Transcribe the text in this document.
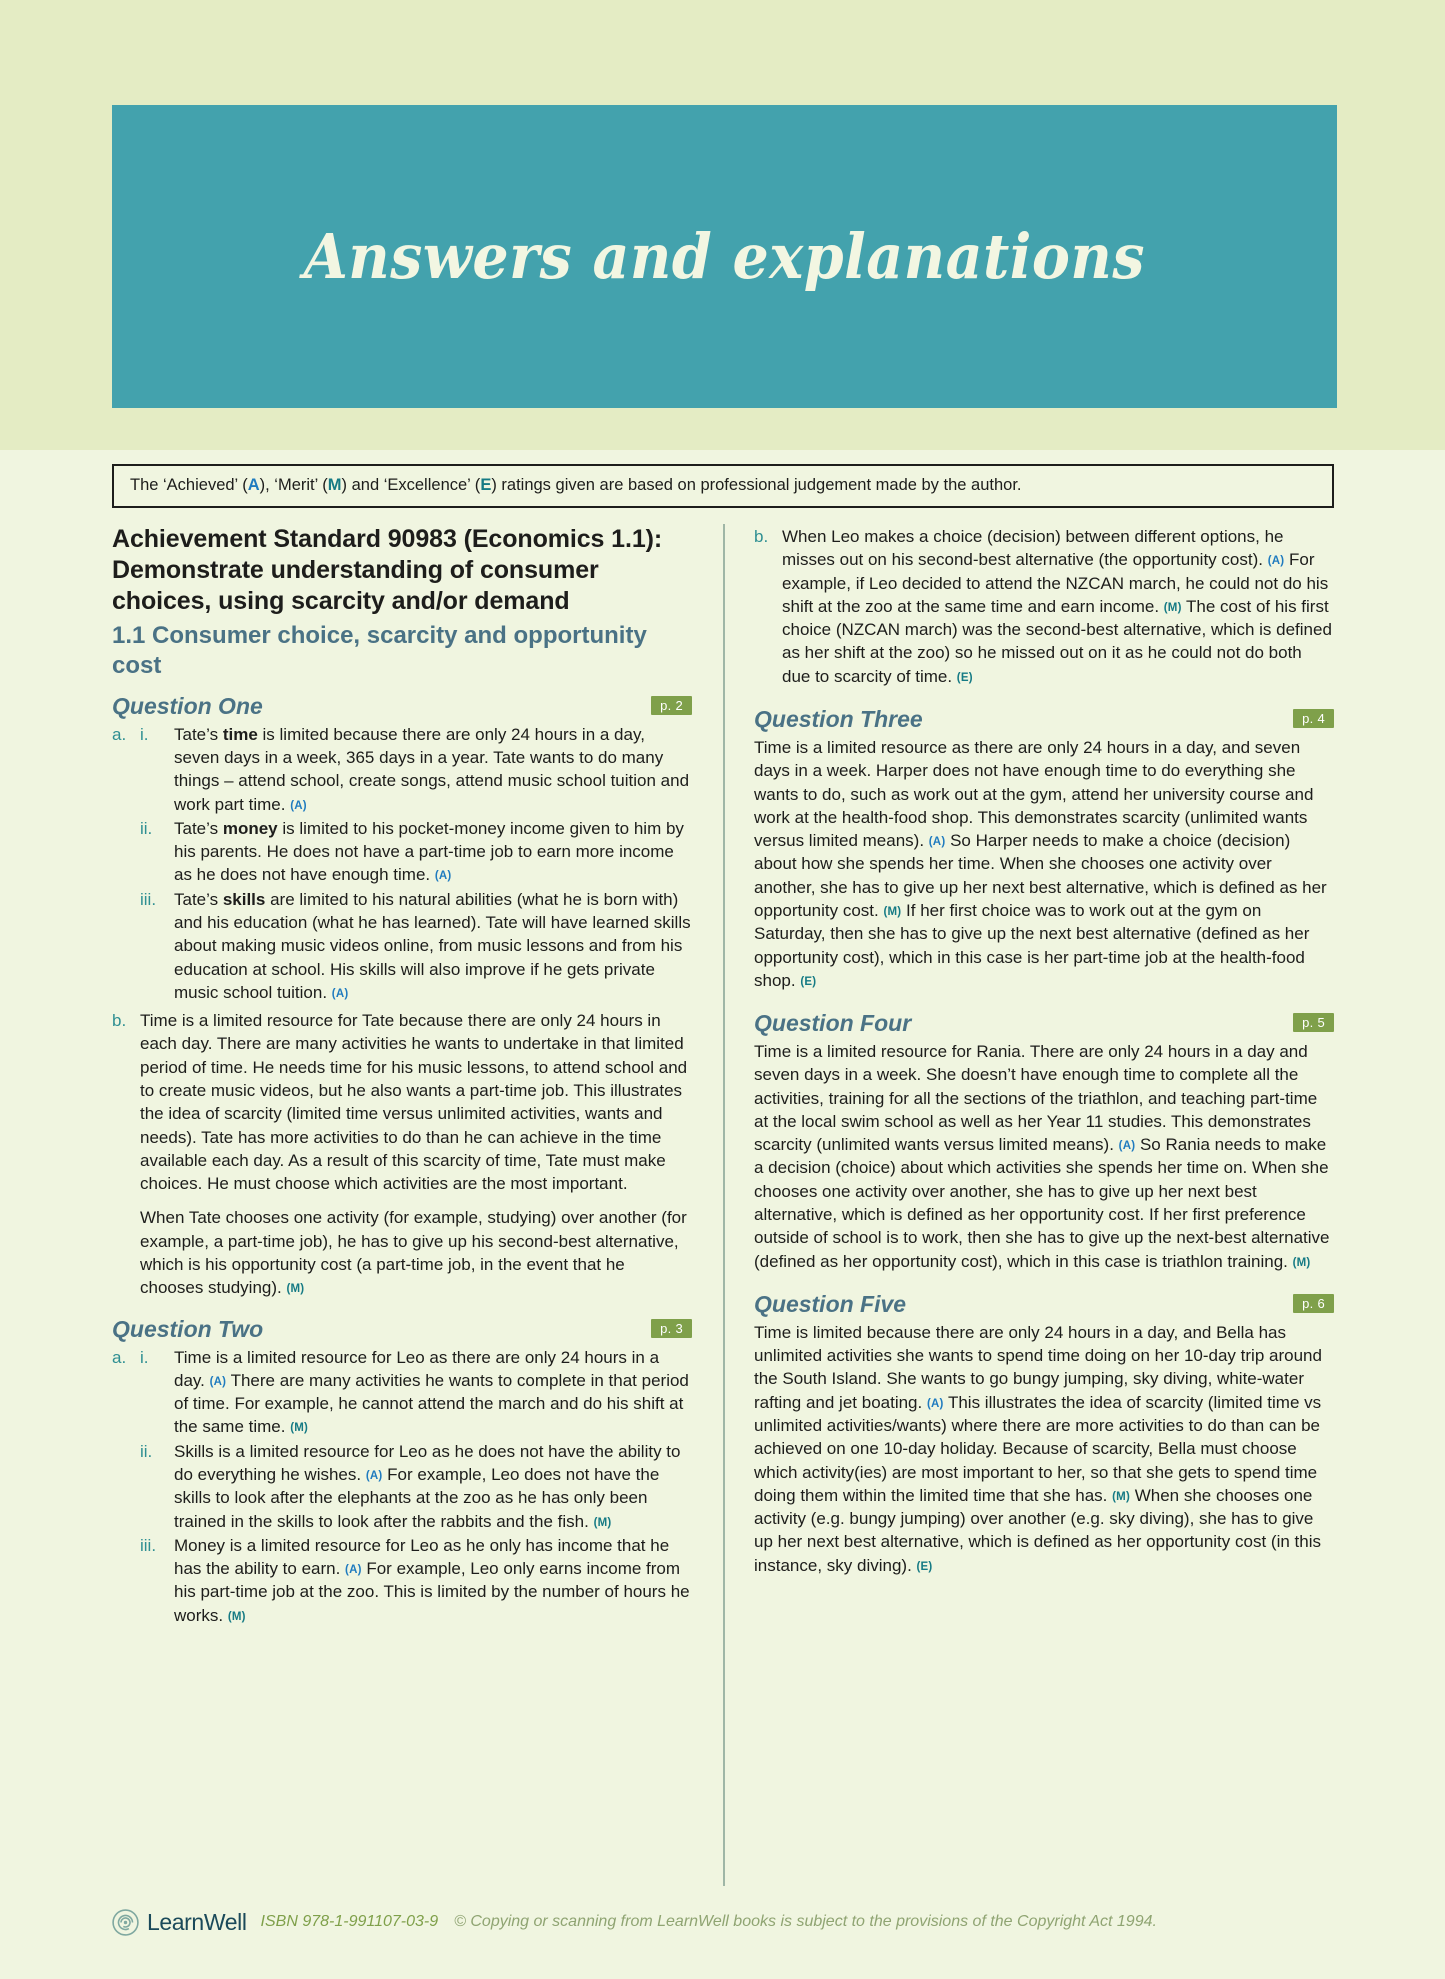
Answers and explanations

The ‘Achieved’ (A), ‘Merit’ (M) and ‘Excellence’ (E) ratings given are based on professional judgement made by the author.

Achievement Standard 90983 (Economics 1.1): Demonstrate understanding of consumer choices, using scarcity and/or demand
1.1 Consumer choice, scarcity and opportunity cost
Question One	p. 2
a. i.	Tate’s time is limited because there are only 24 hours in a day, seven days in a week, 365 days in a year. Tate wants to do many things – attend school, create songs, attend music school tuition and work part time. (A)
ii.	Tate’s money is limited to his pocket-money income given to him by his parents. He does not have a part-time job to earn more income as he does not have enough time. (A)
iii.	Tate’s skills are limited to his natural abilities (what he is born with) and his education (what he has learned). Tate will have learned skills about making music videos online, from music lessons and from his education at school. His skills will also improve if he gets private music school tuition. (A)
b. Time is a limited resource for Tate because there are only 24 hours in each day. There are many activities he wants to undertake in that limited period of time. He needs time for his music lessons, to attend school and to create music videos, but he also wants a part-time job. This illustrates the idea of scarcity (limited time versus unlimited activities, wants and needs). Tate has more activities to do than he can achieve in the time available each day. As a result of this scarcity of time, Tate must make choices. He must choose which activities are the most important.

When Tate chooses one activity (for example, studying) over another (for example, a part-time job), he has to give up his second-best alternative, which is his opportunity cost (a part-time job, in the event that he chooses studying). (M)

Question Two	p. 3
a. i.	Time is a limited resource for Leo as there are only 24 hours in a day. (A) There are many activities he wants to complete in that period of time. For example, he cannot attend the march and do his shift at the same time. (M)
ii.	Skills is a limited resource for Leo as he does not have the ability to do everything he wishes. (A) For example, Leo does not have the skills to look after the elephants at the zoo as he has only been trained in the skills to look after the rabbits and the fish. (M)
iii.	Money is a limited resource for Leo as he only has income that he has the ability to earn. (A) For example, Leo only earns income from his part-time job at the zoo. This is limited by the number of hours he works. (M)
b. When Leo makes a choice (decision) between different options, he misses out on his second-best alternative (the opportunity cost). (A) For example, if Leo decided to attend the NZCAN march, he could not do his shift at the zoo at the same time and earn income. (M) The cost of his first choice (NZCAN march) was the second-best alternative, which is defined as her shift at the zoo) so he missed out on it as he could not do both due to scarcity of time. (E)
Question Three	p. 4

Time is a limited resource as there are only 24 hours in a day, and seven days in a week. Harper does not have enough time to do everything she wants to do, such as work out at the gym, attend her university course and work at the health-food shop. This demonstrates scarcity (unlimited wants versus limited means). (A) So Harper needs to make a choice (decision) about how she spends her time. When she chooses one activity over another, she has to give up her next best alternative, which is defined as her opportunity cost. (M) If her first choice was to work out at the gym on Saturday, then she has to give up the next best alternative (defined as her opportunity cost), which in this case is her part-time job at the health-food shop. (E)

Question Four	p. 5

Time is a limited resource for Rania. There are only 24 hours in a day and seven days in a week. She doesn’t have enough time to complete all the activities, training for all the sections of the triathlon, and teaching part-time at the local swim school as well as her Year 11 studies. This demonstrates scarcity (unlimited wants versus limited means). (A) So Rania needs to make a decision (choice) about which activities she spends her time on. When she chooses one activity over another, she has to give up her next best alternative, which is defined as her opportunity cost. If her first preference outside of school is to work, then she has to give up the next-best alternative (defined as her opportunity cost), which in this case is triathlon training. (M)

Question Five	p. 6

Time is limited because there are only 24 hours in a day, and Bella has unlimited activities she wants to spend time doing on her 10-day trip around the South Island. She wants to go bungy jumping, sky diving, white-water rafting and jet boating. (A) This illustrates the idea of scarcity (limited time vs unlimited activities/wants) where there are more activities to do than can be achieved on one 10-day holiday. Because of scarcity, Bella must choose which activity(ies) are most important to her, so that she gets to spend time doing them within the limited time that she has. (M) When she chooses one activity (e.g. bungy jumping) over another (e.g. sky diving), she has to give up her next best alternative, which is defined as her opportunity cost (in this instance, sky diving). (E)

LearnWell ISBN 978-1-991107-03-9 © Copying or scanning from LearnWell books is subject to the provisions of the Copyright Act 1994.
